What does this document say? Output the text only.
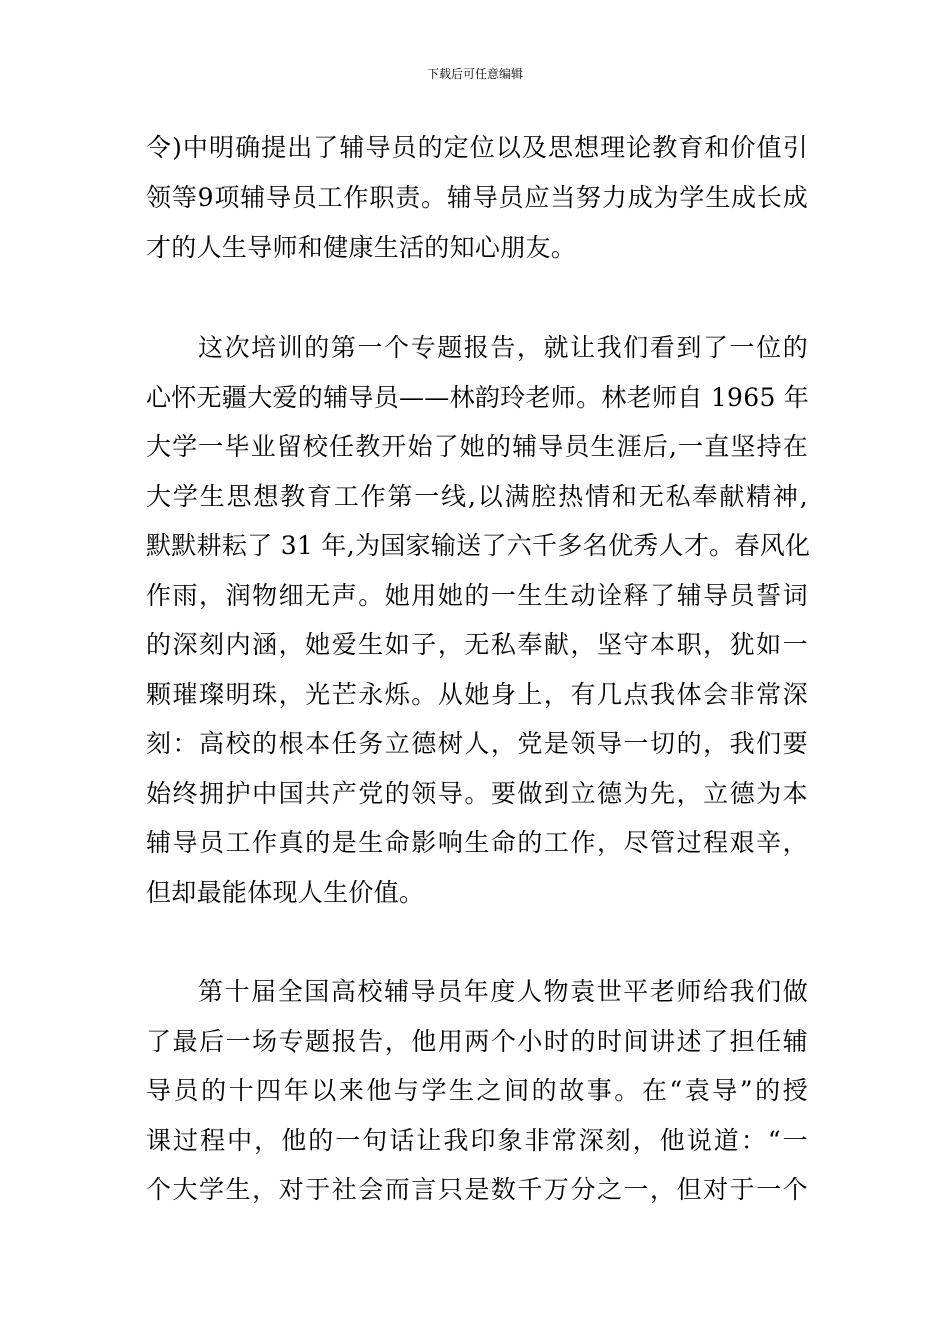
下载后可任意编辑
令)中明确提出了辅导员的定位以及思想理论教育和价值引
领等9项辅导员工作职责。辅导员应当努力成为学生成长成
才的人生导师和健康生活的知心朋友。
这次培训的第一个专题报告，就让我们看到了一位的
心怀无疆大爱的辅导员——林韵玲老师。林老师自 1965 年
大学一毕业留校任教开始了她的辅导员生涯后,一直坚持在
大学生思想教育工作第一线,以满腔热情和无私奉献精神,
默默耕耘了 31 年,为国家输送了六千多名优秀人才。春风化
作雨，润物细无声。她用她的一生生动诠释了辅导员誓词
的深刻内涵，她爱生如子，无私奉献，坚守本职，犹如一
颗璀璨明珠，光芒永烁。从她身上，有几点我体会非常深
刻：高校的根本任务立德树人，党是领导一切的，我们要
始终拥护中国共产党的领导。要做到立德为先，立德为本
辅导员工作真的是生命影响生命的工作，尽管过程艰辛，
但却最能体现人生价值。
第十届全国高校辅导员年度人物袁世平老师给我们做
了最后一场专题报告，他用两个小时的时间讲述了担任辅
导员的十四年以来他与学生之间的故事。在“袁导”的授
课过程中，他的一句话让我印象非常深刻，他说道：“一
个大学生，对于社会而言只是数千万分之一，但对于一个
